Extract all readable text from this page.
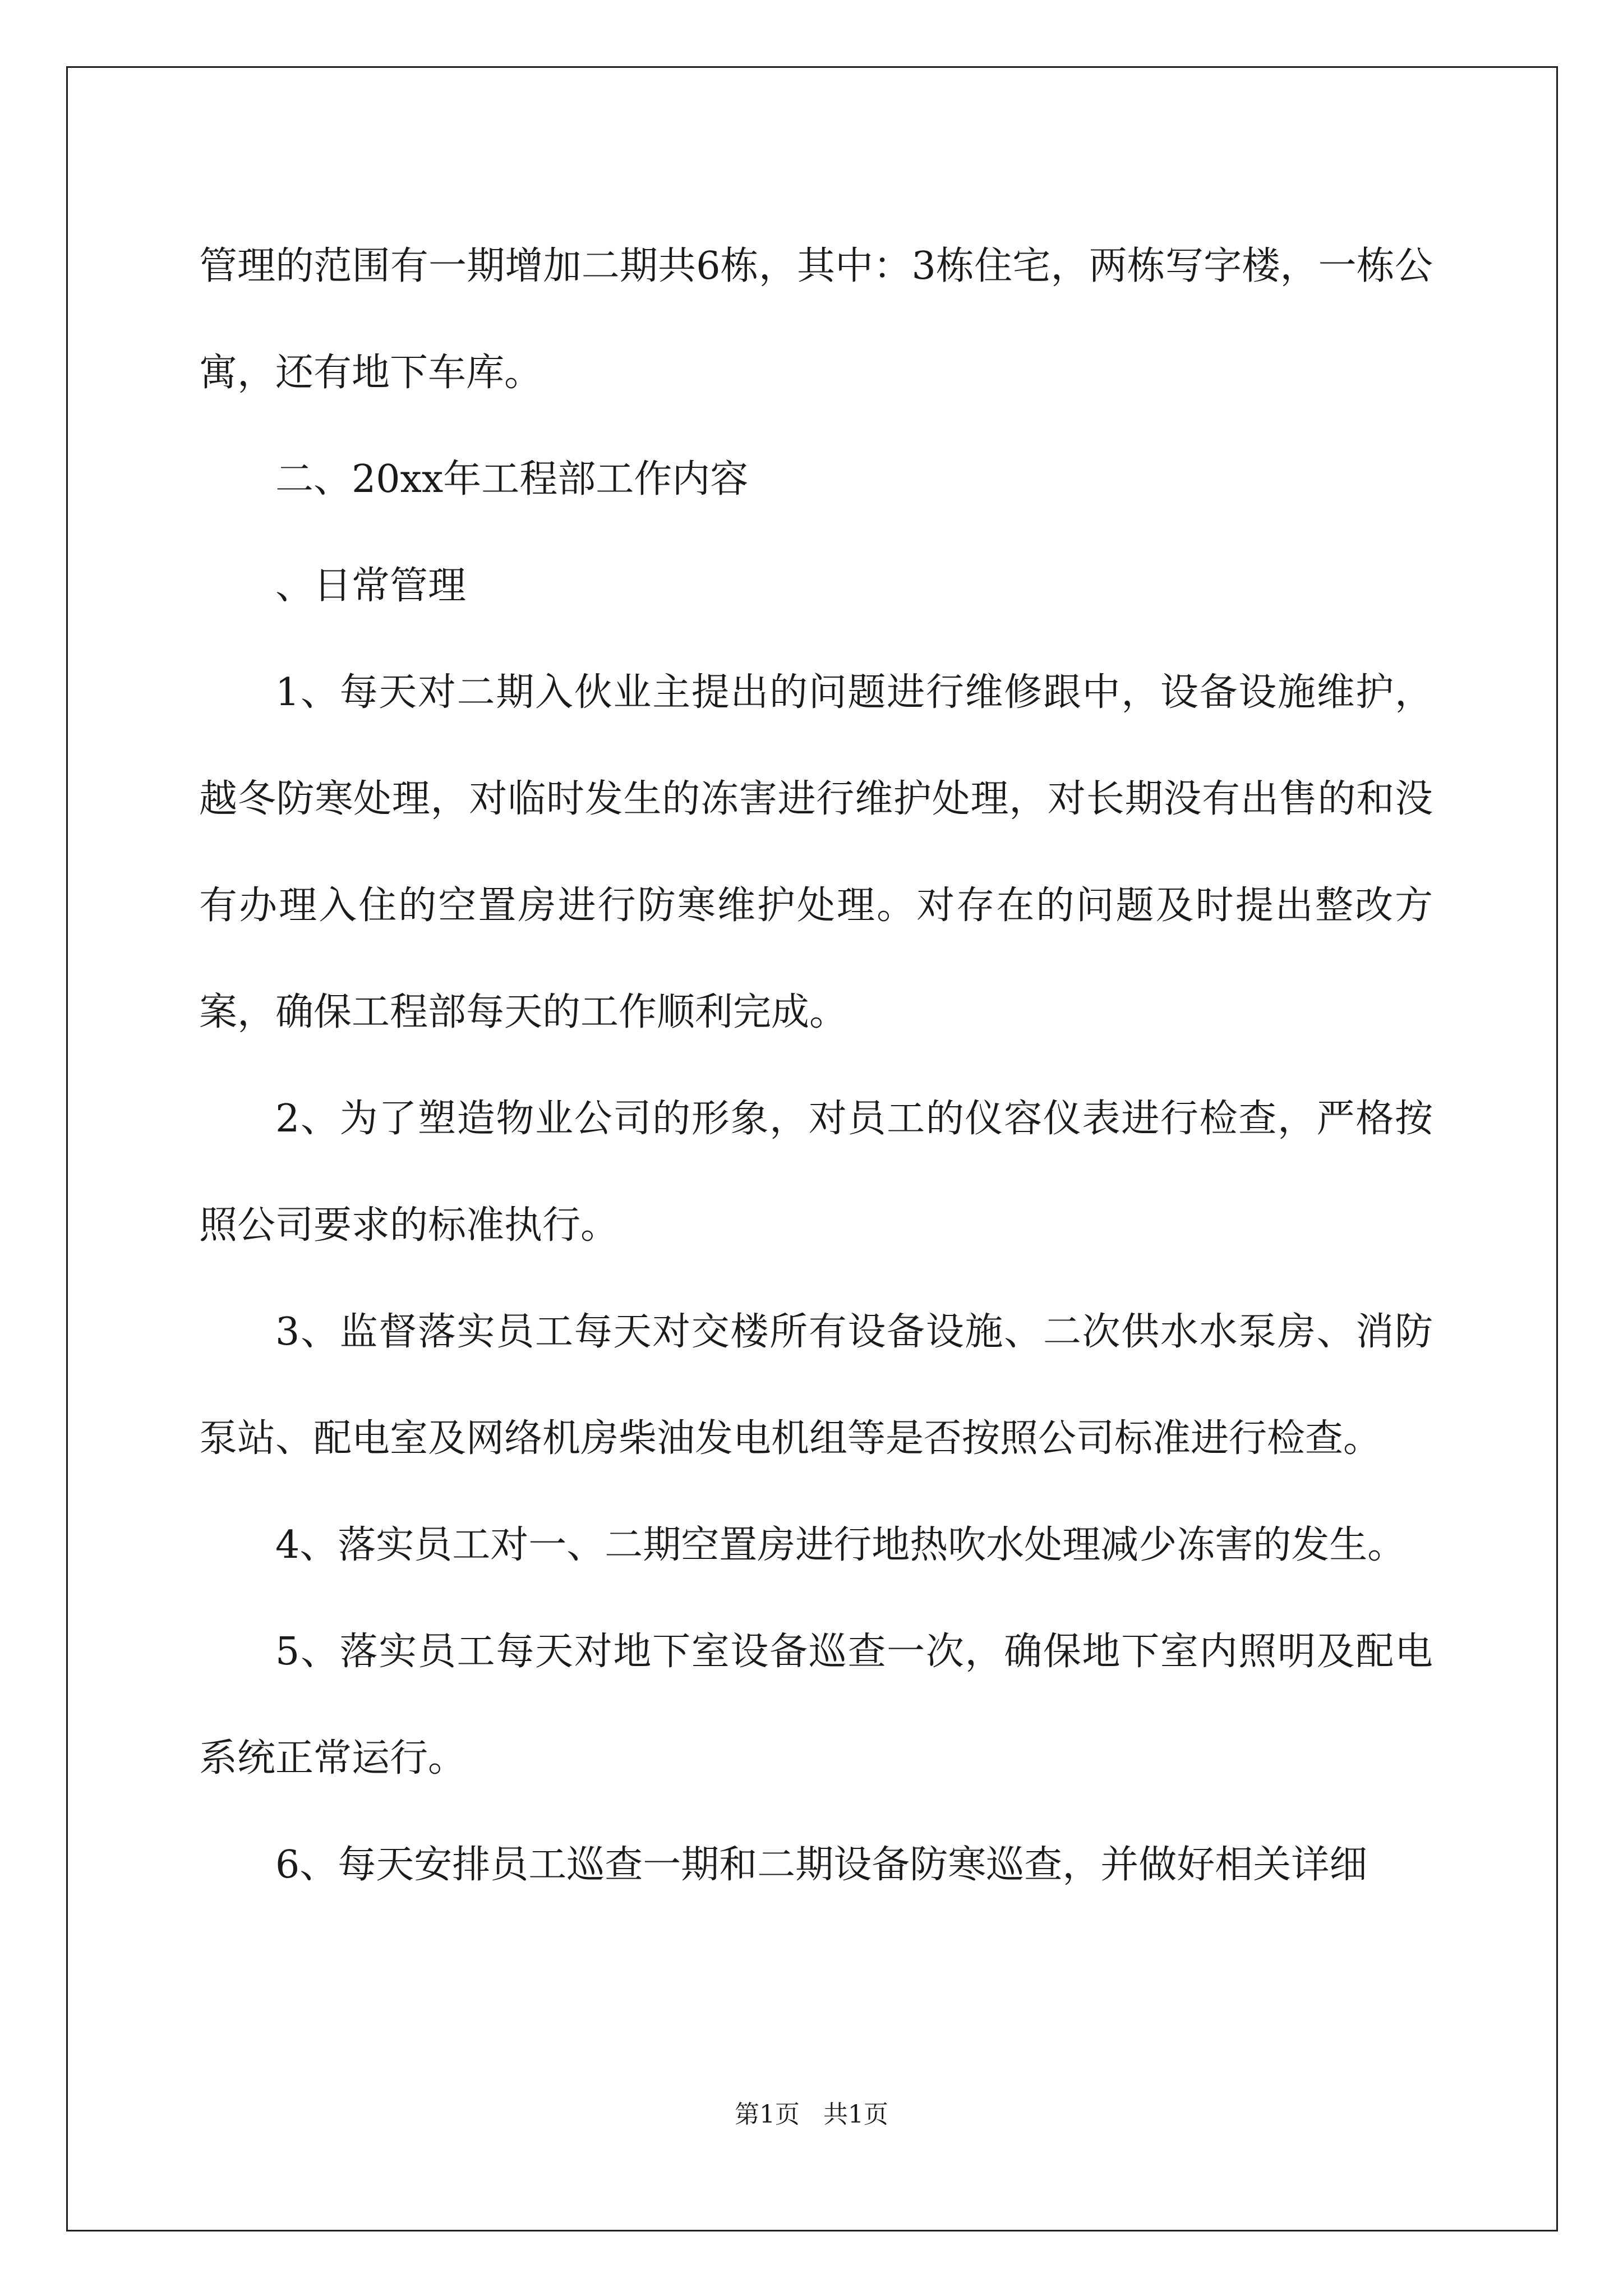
管理的范围有一期增加二期共6栋，其中：3栋住宅，两栋写字楼，一栋公寓，还有地下车库。

二、20xx年工程部工作内容

、日常管理

1、每天对二期入伙业主提出的问题进行维修跟中，设备设施维护，越冬防寒处理，对临时发生的冻害进行维护处理，对长期没有出售的和没有办理入住的空置房进行防寒维护处理。对存在的问题及时提出整改方案，确保工程部每天的工作顺利完成。

2、为了塑造物业公司的形象，对员工的仪容仪表进行检查，严格按照公司要求的标准执行。

3、监督落实员工每天对交楼所有设备设施、二次供水水泵房、消防泵站、配电室及网络机房柴油发电机组等是否按照公司标准进行检查。

4、落实员工对一、二期空置房进行地热吹水处理减少冻害的发生。

5、落实员工每天对地下室设备巡查一次，确保地下室内照明及配电系统正常运行。

6、每天安排员工巡查一期和二期设备防寒巡查，并做好相关详细

第1页   共1页
